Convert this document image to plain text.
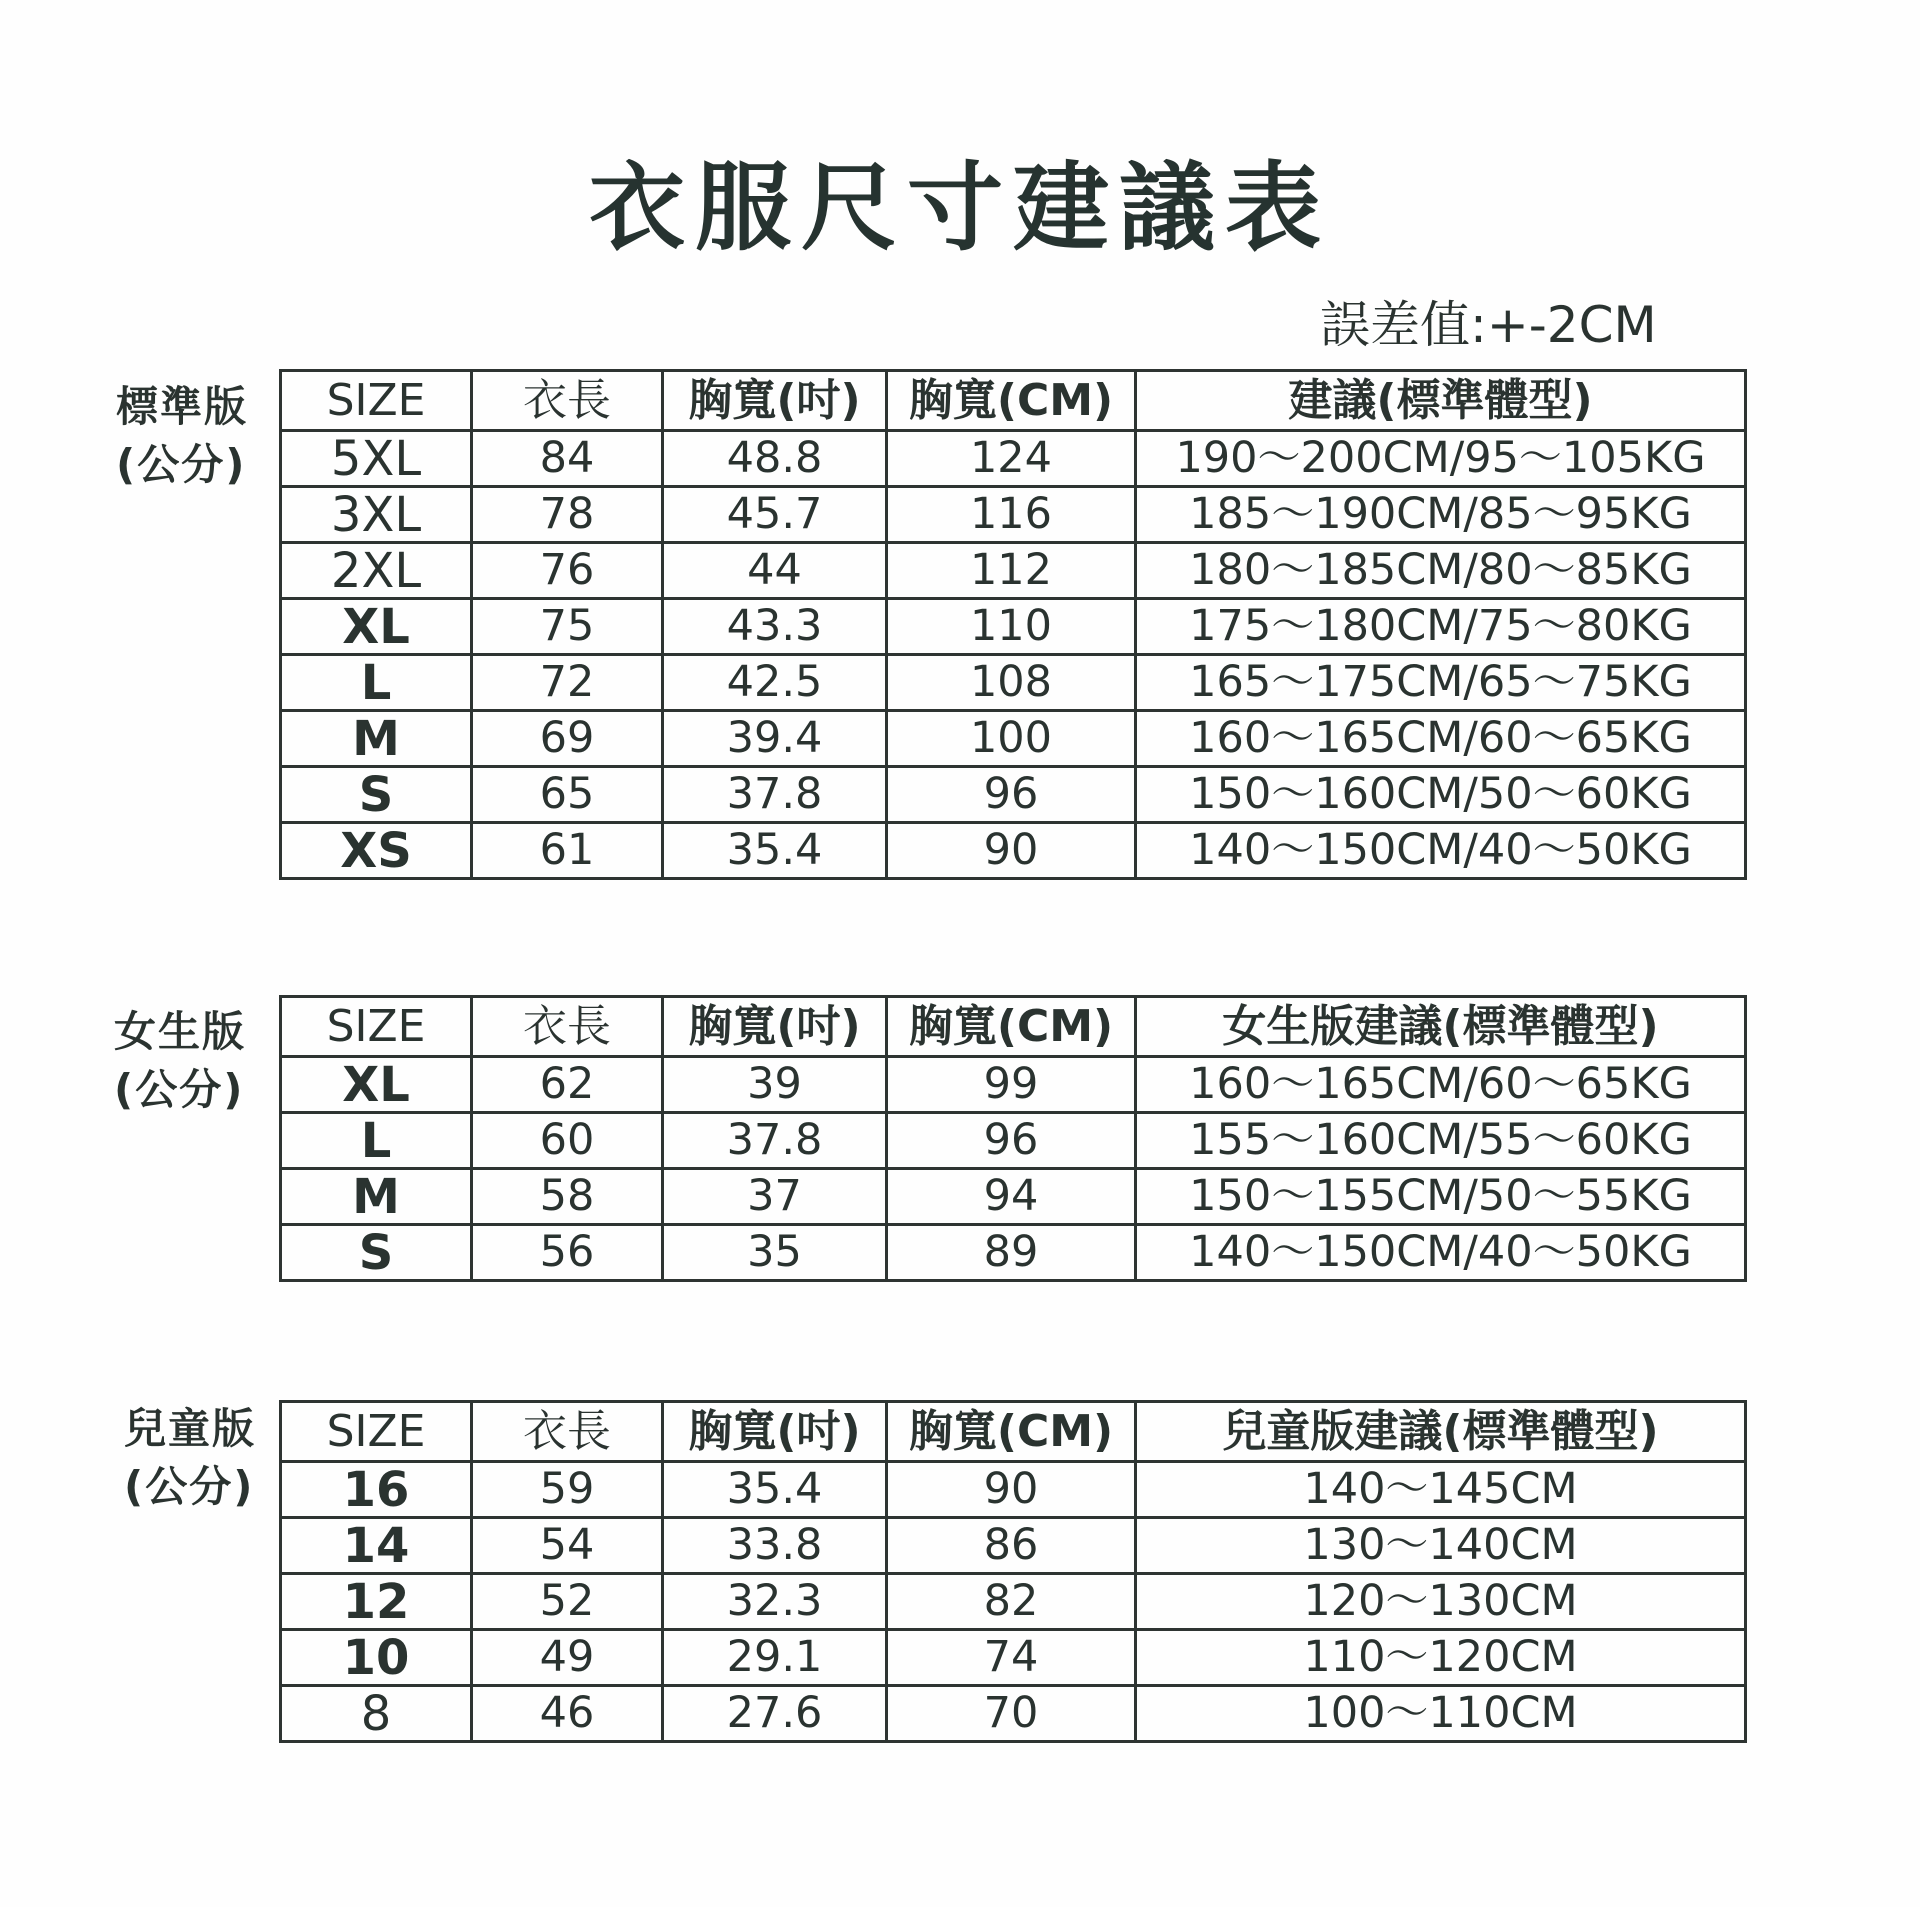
衣服尺寸建議表
誤差值:+-2CM
標準版
(公分)
SIZE	衣長	胸寬(吋)	胸寬(CM)	建議(標準體型)
5XL	84	48.8	124	190～200CM/95～105KG
3XL	78	45.7	116	185～190CM/85～95KG
2XL	76	44	112	180～185CM/80～85KG
XL	75	43.3	110	175～180CM/75～80KG
L	72	42.5	108	165～175CM/65～75KG
M	69	39.4	100	160～165CM/60～65KG
S	65	37.8	96	150～160CM/50～60KG
XS	61	35.4	90	140～150CM/40～50KG
女生版
(公分)
SIZE	衣長	胸寬(吋)	胸寬(CM)	女生版建議(標準體型)
XL	62	39	99	160～165CM/60～65KG
L	60	37.8	96	155～160CM/55～60KG
M	58	37	94	150～155CM/50～55KG
S	56	35	89	140～150CM/40～50KG
兒童版
(公分)
SIZE	衣長	胸寬(吋)	胸寬(CM)	兒童版建議(標準體型)
16	59	35.4	90	140～145CM
14	54	33.8	86	130～140CM
12	52	32.3	82	120～130CM
10	49	29.1	74	110～120CM
8	46	27.6	70	100～110CM
